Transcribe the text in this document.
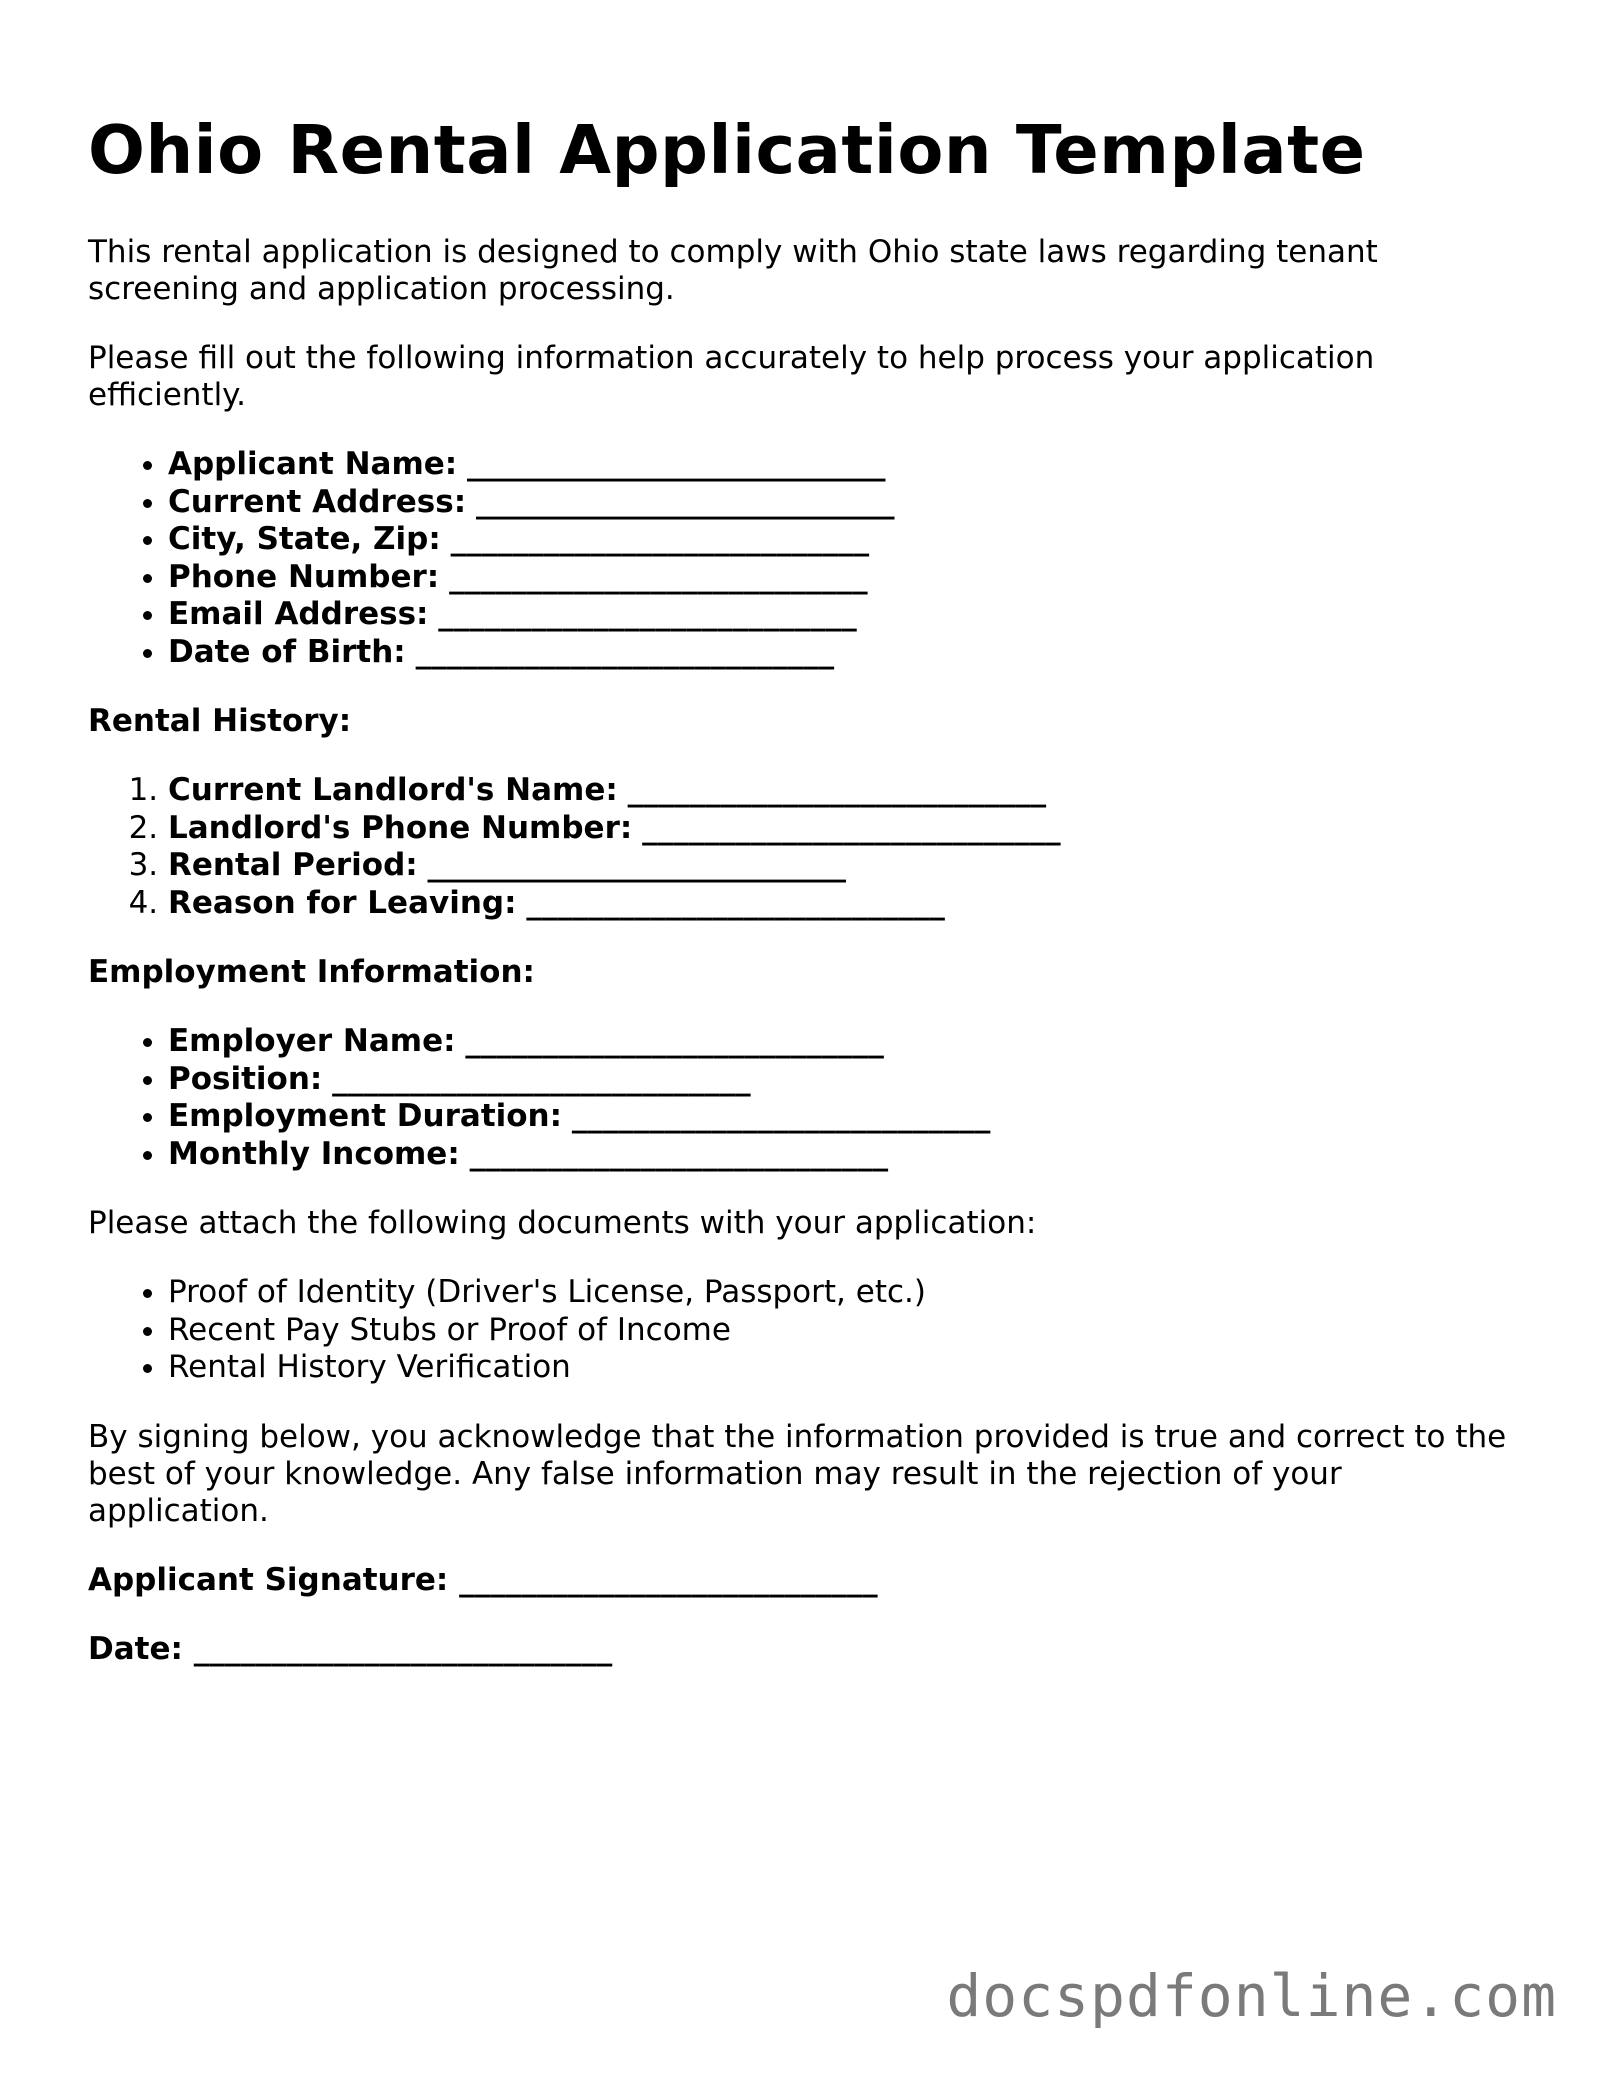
Ohio Rental Application Template

This rental application is designed to comply with Ohio state laws regarding tenant screening and application processing.

Please fill out the following information accurately to help process your application efficiently.

• Applicant Name: ___________________________
• Current Address: ___________________________
• City, State, Zip: ___________________________
• Phone Number: ___________________________
• Email Address: ___________________________
• Date of Birth: ___________________________
Rental History:
1. Current Landlord's Name: ___________________________
2. Landlord's Phone Number: ___________________________
3. Rental Period: ___________________________
4. Reason for Leaving: ___________________________
Employment Information:
• Employer Name: ___________________________
• Position: ___________________________
• Employment Duration: ___________________________
• Monthly Income: ___________________________

Please attach the following documents with your application:

• Proof of Identity (Driver's License, Passport, etc.)
• Recent Pay Stubs or Proof of Income
• Rental History Verification

By signing below, you acknowledge that the information provided is true and correct to the best of your knowledge. Any false information may result in the rejection of your application.

Applicant Signature: ___________________________
Date: ___________________________
docspdfonline.com
